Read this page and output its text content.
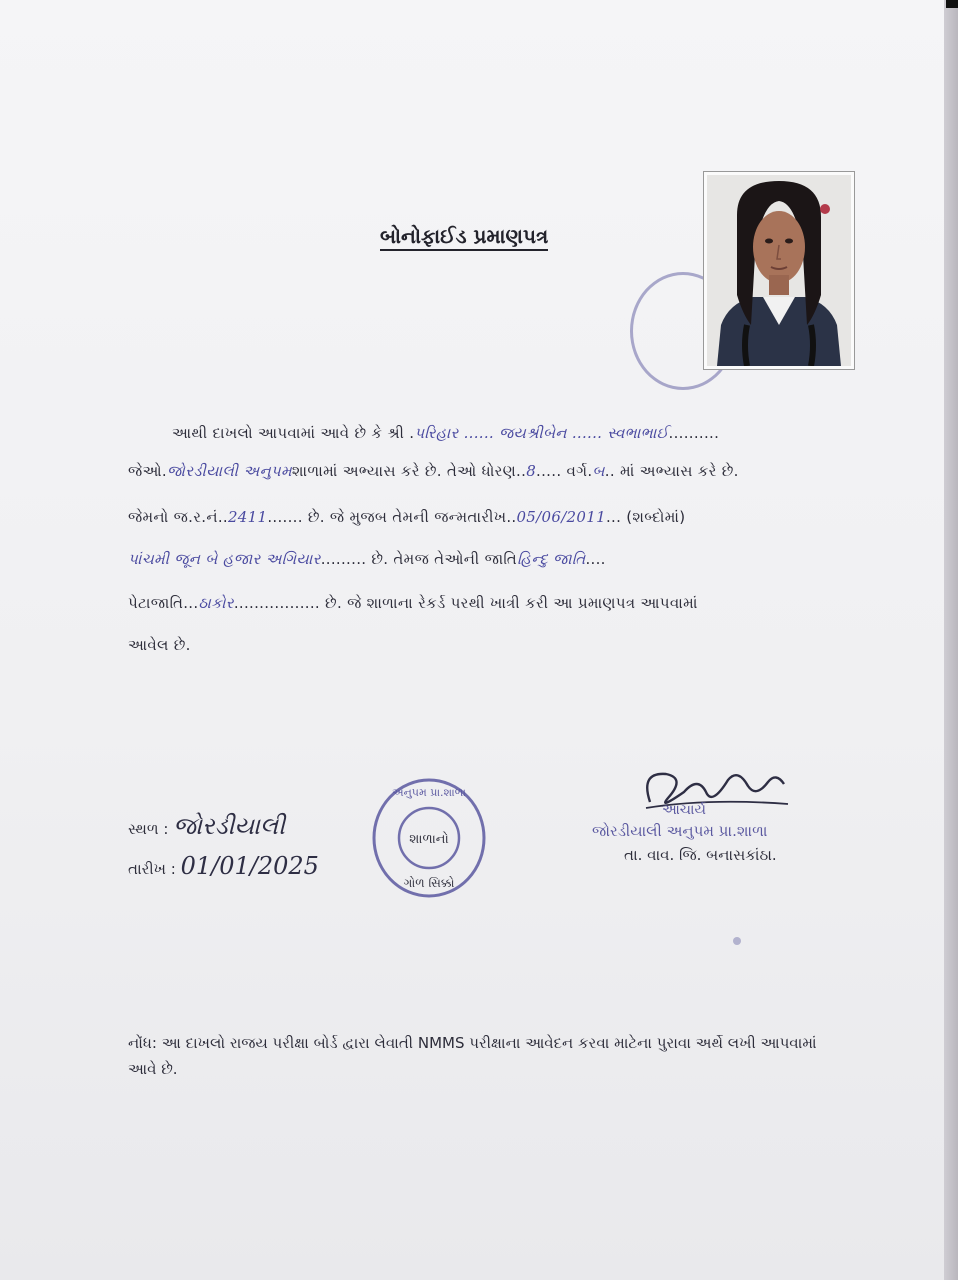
બોનોફાઈડ પ્રમાણપત્ર
આથી દાખલો આપવામાં આવે છે કે શ્રી .પરિહાર ...... જયશ્રીબેન ...... સ્વભાભાઈ..........
જેઓ.જોરડીયાલી અનુપમશાળામાં અભ્યાસ કરે છે. તેઓ ધોરણ..8..... વર્ગ.બ.. માં અભ્યાસ કરે છે.
જેમનો જ.ર.નં..2411....... છે. જે મુજબ તેમની જન્મતારીખ..05/06/2011... (શબ્દોમાં)
પાંચમી જૂન બે હજાર અગિયાર......... છે. તેમજ તેઓની જાતિહિન્દુ જાતિ....
પેટાજાતિ...ઠાકોર................. છે. જે શાળાના રેકર્ડ પરથી ખાત્રી કરી આ પ્રમાણપત્ર આપવામાં
આવેલ છે.
સ્થળ : જોરડીયાલી
તારીખ : 01/01/2025
અનુપમ પ્રા.શાળા
શાળાનો
ગોળ સિક્કો
આચાર્ય
જોરડીયાલી અનુપમ પ્રા.શાળા
તા. વાવ. જિ. બનાસકાંઠા.
નોંધ: આ દાખલો રાજય પરીક્ષા બોર્ડ દ્વારા લેવાતી NMMS પરીક્ષાના આવેદન કરવા માટેના પુરાવા અર્થે લખી આપવામાં આવે છે.
